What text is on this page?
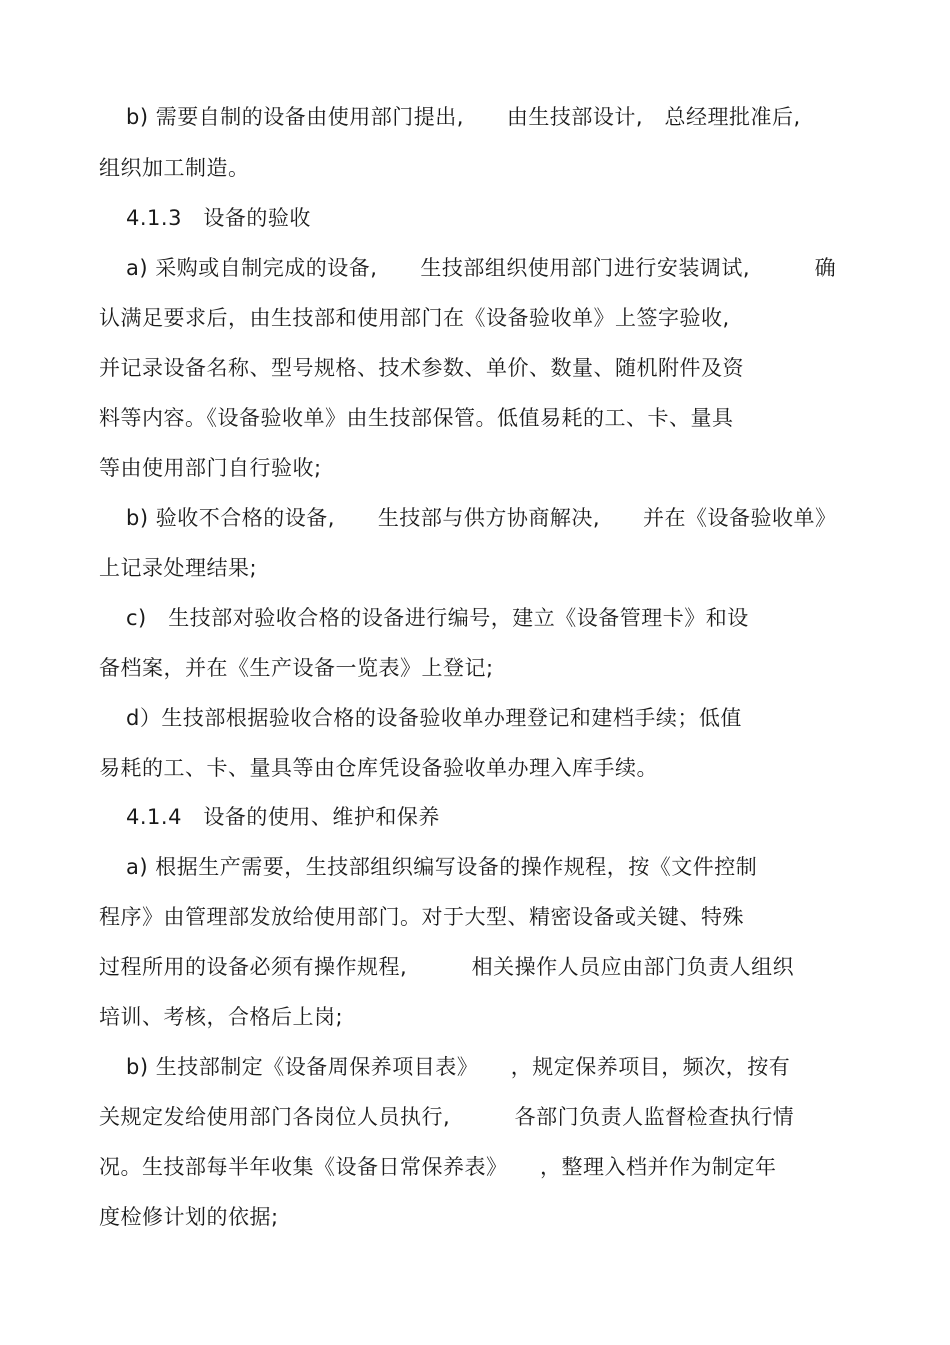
b) 需要自制的设备由使用部门提出,　　由生技部设计,　总经理批准后,
组织加工制造。
4.1.3　设备的验收
a) 采购或自制完成的设备,　　生技部组织使用部门进行安装调试,　　　确
认满足要求后，由生技部和使用部门在《设备验收单》上签字验收,
并记录设备名称、型号规格、技术参数、单价、数量、随机附件及资
料等内容。《设备验收单》由生技部保管。低值易耗的工、卡、量具
等由使用部门自行验收;
b) 验收不合格的设备,　　生技部与供方协商解决,　　并在《设备验收单》
上记录处理结果;
c)　生技部对验收合格的设备进行编号，建立《设备管理卡》和设
备档案，并在《生产设备一览表》上登记;
d）生技部根据验收合格的设备验收单办理登记和建档手续；低值
易耗的工、卡、量具等由仓库凭设备验收单办理入库手续。
4.1.4　设备的使用、维护和保养
a) 根据生产需要，生技部组织编写设备的操作规程，按《文件控制
程序》由管理部发放给使用部门。对于大型、精密设备或关键、特殊
过程所用的设备必须有操作规程,　　　相关操作人员应由部门负责人组织
培训、考核，合格后上岗;
b) 生技部制定《设备周保养项目表》　　，规定保养项目，频次，按有
关规定发给使用部门各岗位人员执行,　　　各部门负责人监督检查执行情
况。生技部每半年收集《设备日常保养表》　　，整理入档并作为制定年
度检修计划的依据;
